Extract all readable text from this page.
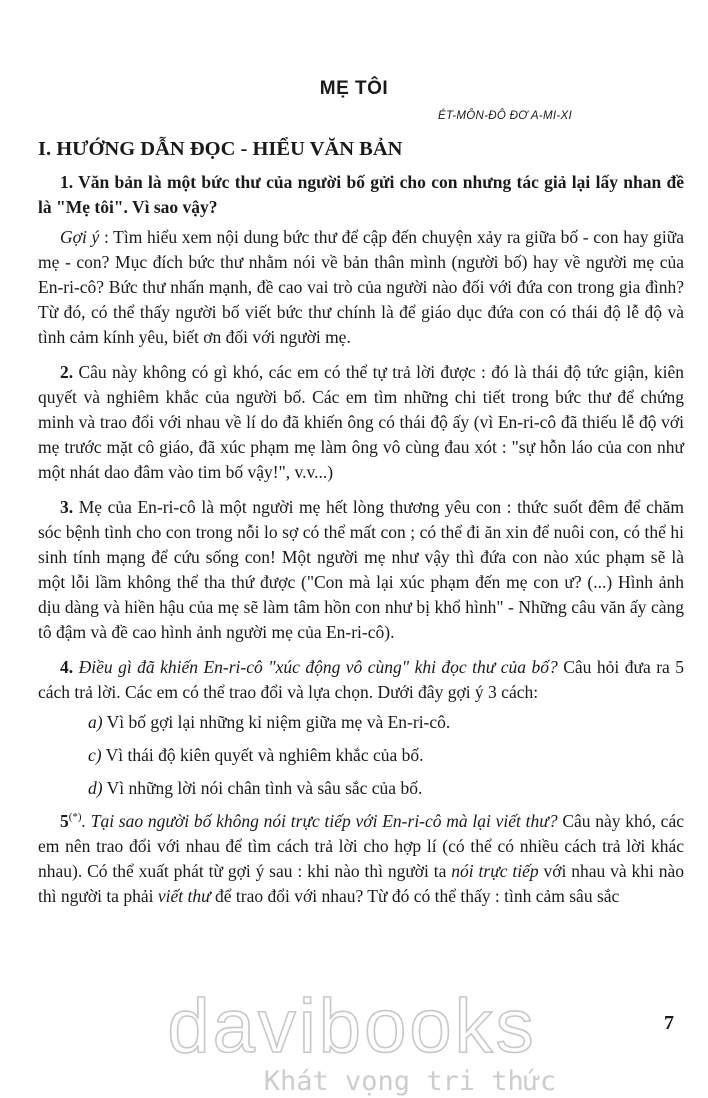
MẸ TÔI
ÉT-MÔN-ĐÔ ĐƠ A-MI-XI
I. HƯỚNG DẪN ĐỌC - HIỂU VĂN BẢN

1. Văn bản là một bức thư của người bố gửi cho con nhưng tác giả lại lấy nhan đề là "Mẹ tôi". Vì sao vậy?

Gợi ý : Tìm hiểu xem nội dung bức thư để cập đến chuyện xảy ra giữa bố - con hay giữa mẹ - con? Mục đích bức thư nhằm nói về bản thân mình (người bố) hay về người mẹ của En-ri-cô? Bức thư nhấn mạnh, đề cao vai trò của người nào đối với đứa con trong gia đình? Từ đó, có thể thấy người bố viết bức thư chính là để giáo dục đứa con có thái độ lễ độ và tình cảm kính yêu, biết ơn đối với người mẹ.

2. Câu này không có gì khó, các em có thể tự trả lời được : đó là thái độ tức giận, kiên quyết và nghiêm khắc của người bố. Các em tìm những chi tiết trong bức thư để chứng minh và trao đổi với nhau về lí do đã khiến ông có thái độ ấy (vì En-ri-cô đã thiếu lễ độ với mẹ trước mặt cô giáo, đã xúc phạm mẹ làm ông vô cùng đau xót : "sự hỗn láo của con như một nhát dao đâm vào tim bố vậy!", v.v...)

3. Mẹ của En-ri-cô là một người mẹ hết lòng thương yêu con : thức suốt đêm để chăm sóc bệnh tình cho con trong nỗi lo sợ có thể mất con ; có thể đi ăn xin để nuôi con, có thể hi sinh tính mạng để cứu sống con! Một người mẹ như vậy thì đứa con nào xúc phạm sẽ là một lỗi lầm không thể tha thứ được ("Con mà lại xúc phạm đến mẹ con ư? (...) Hình ảnh dịu dàng và hiền hậu của mẹ sẽ làm tâm hồn con như bị khổ hình" - Những câu văn ấy càng tô đậm và đề cao hình ảnh người mẹ của En-ri-cô).

4. Điều gì đã khiến En-ri-cô "xúc động vô cùng" khi đọc thư của bố? Câu hỏi đưa ra 5 cách trả lời. Các em có thể trao đổi và lựa chọn. Dưới đây gợi ý 3 cách:

a) Vì bố gợi lại những kỉ niệm giữa mẹ và En-ri-cô.

c) Vì thái độ kiên quyết và nghiêm khắc của bố.

d) Vì những lời nói chân tình và sâu sắc của bố.

5(*). Tại sao người bố không nói trực tiếp với En-ri-cô mà lại viết thư? Câu này khó, các em nên trao đổi với nhau để tìm cách trả lời cho hợp lí (có thể có nhiều cách trả lời khác nhau). Có thể xuất phát từ gợi ý sau : khi nào thì người ta nói trực tiếp với nhau và khi nào thì người ta phải viết thư để trao đổi với nhau? Từ đó có thể thấy : tình cảm sâu sắc

davibooks
Khát vọng tri thức
7
